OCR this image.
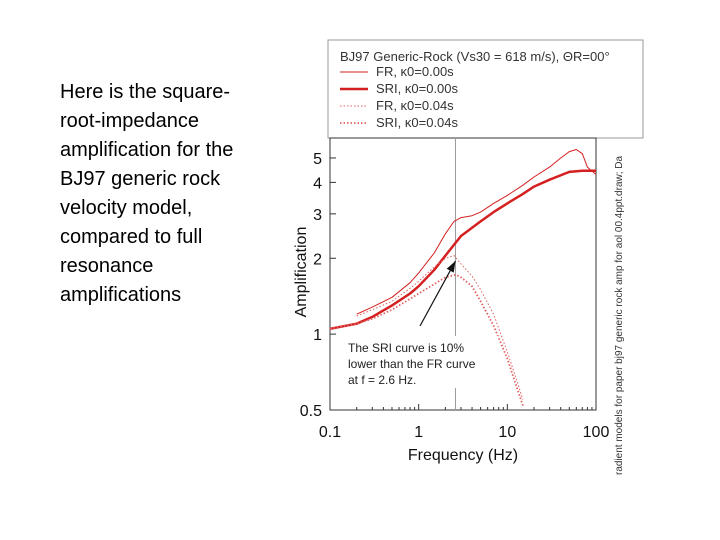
Here is the square-root-impedance amplification for the BJ97 generic rock velocity model, compared to full resonance amplifications
BJ97 Generic-Rock (Vs30 = 618 m/s), ΘR=00°
FR, κ0=0.00s
SRI, κ0=0.00s
FR, κ0=0.04s
SRI, κ0=0.04s
0.1	1	10	100
0.5
1
2
3
4
5
The SRI curve is 10%
lower than the FR curve
at f = 2.6 Hz.
Frequency (Hz)
Amplification	radient models for paper bj97 generic rock amp for aol 00.4ppt.draw; Da
